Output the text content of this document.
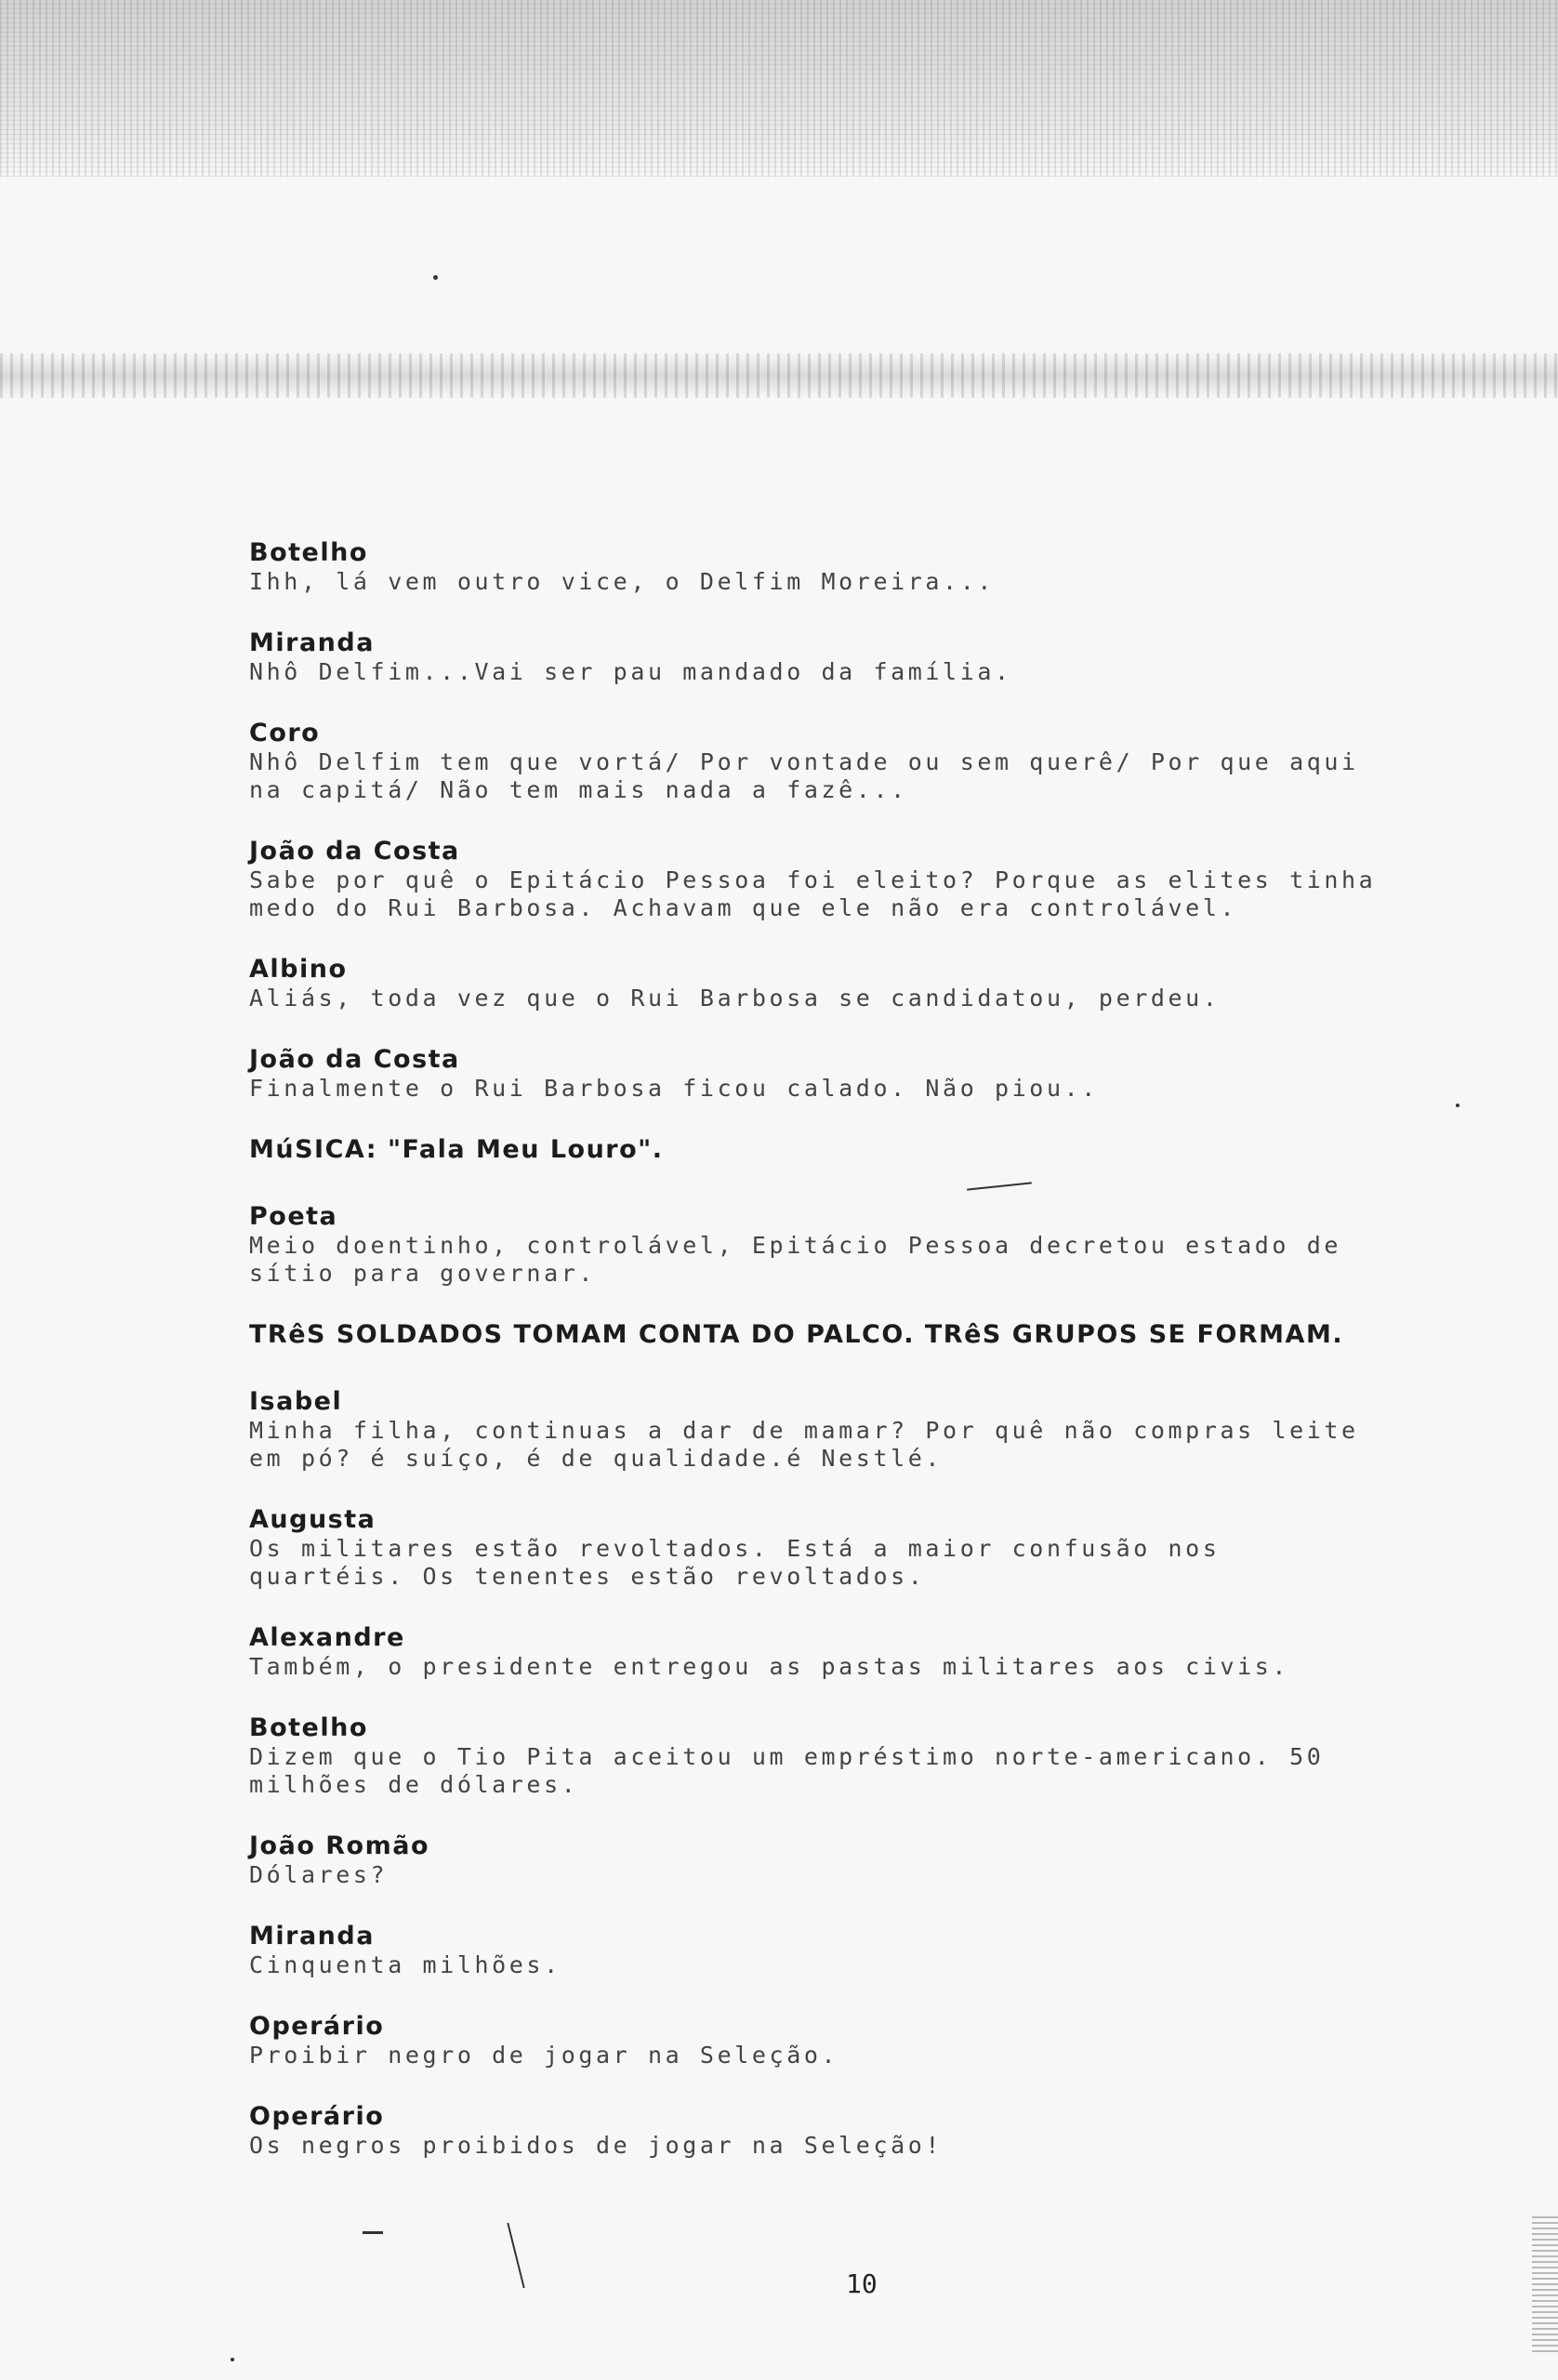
Botelho
Ihh, lá vem outro vice, o Delfim Moreira...
Miranda
Nhô Delfim...Vai ser pau mandado da família.
Coro
Nhô Delfim tem que vortá/ Por vontade ou sem querê/ Por que aqui
na capitá/ Não tem mais nada a fazê...
João da Costa
Sabe por quê o Epitácio Pessoa foi eleito? Porque as elites tinha
medo do Rui Barbosa. Achavam que ele não era controlável.
Albino
Aliás, toda vez que o Rui Barbosa se candidatou, perdeu.
João da Costa
Finalmente o Rui Barbosa ficou calado. Não piou..
MúSICA: "Fala Meu Louro".
Poeta
Meio doentinho, controlável, Epitácio Pessoa decretou estado de
sítio para governar.
TRêS SOLDADOS TOMAM CONTA DO PALCO. TRêS GRUPOS SE FORMAM.
Isabel
Minha filha, continuas a dar de mamar? Por quê não compras leite
em pó? é suíço, é de qualidade.é Nestlé.
Augusta
Os militares estão revoltados. Está a maior confusão nos
quartéis. Os tenentes estão revoltados.
Alexandre
Também, o presidente entregou as pastas militares aos civis.
Botelho
Dizem que o Tio Pita aceitou um empréstimo norte-americano. 50
milhões de dólares.
João Romão
Dólares?
Miranda
Cinquenta milhões.
Operário
Proibir negro de jogar na Seleção.
Operário
Os negros proibidos de jogar na Seleção!
10
